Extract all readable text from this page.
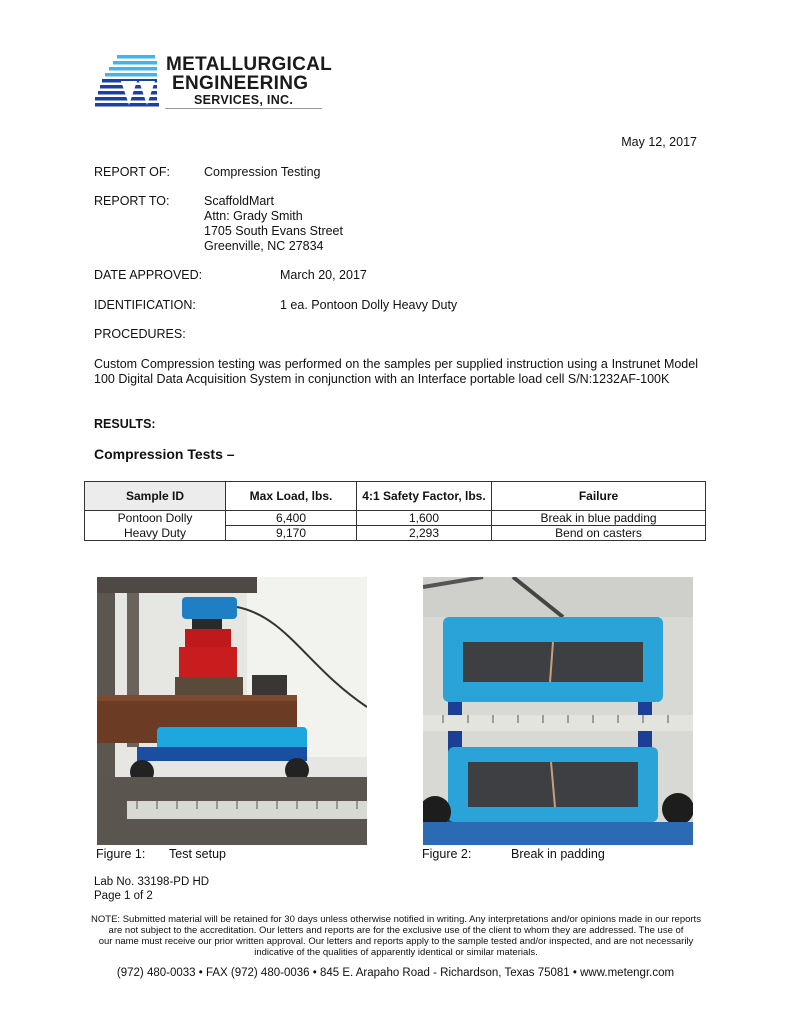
METALLURGICAL
ENGINEERING
SERVICES, INC.
May 12, 2017
REPORT OF:	Compression Testing
REPORT TO:	ScaffoldMart
Attn: Grady Smith
1705 South Evans Street
Greenville, NC 27834
DATE APPROVED:	March 20, 2017
IDENTIFICATION:	1 ea. Pontoon Dolly Heavy Duty
PROCEDURES:
Custom Compression testing was performed on the samples per supplied instruction using a Instrunet Model 100 Digital Data Acquisition System in conjunction with an Interface portable load cell S/N:1232AF-100K
RESULTS:
Compression Tests –
Sample ID	Max Load, lbs.	4:1 Safety Factor, lbs.	Failure
Pontoon Dolly	6,400	1,600	Break in blue padding
Heavy Duty	9,170	2,293	Bend on casters
Figure 1: Test setup	Figure 2:	Break in padding
Lab No. 33198-PD HD
Page 1 of 2
NOTE: Submitted material will be retained for 30 days unless otherwise notified in writing. Any interpretations and/or opinions made in our reports
are not subject to the accreditation. Our letters and reports are for the exclusive use of the client to whom they are addressed. The use of
our name must receive our prior written approval. Our letters and reports apply to the sample tested and/or inspected, and are not necessarily
indicative of the qualities of apparently identical or similar materials.
(972) 480-0033 • FAX (972) 480-0036 • 845 E. Arapaho Road - Richardson, Texas 75081 • www.metengr.com
